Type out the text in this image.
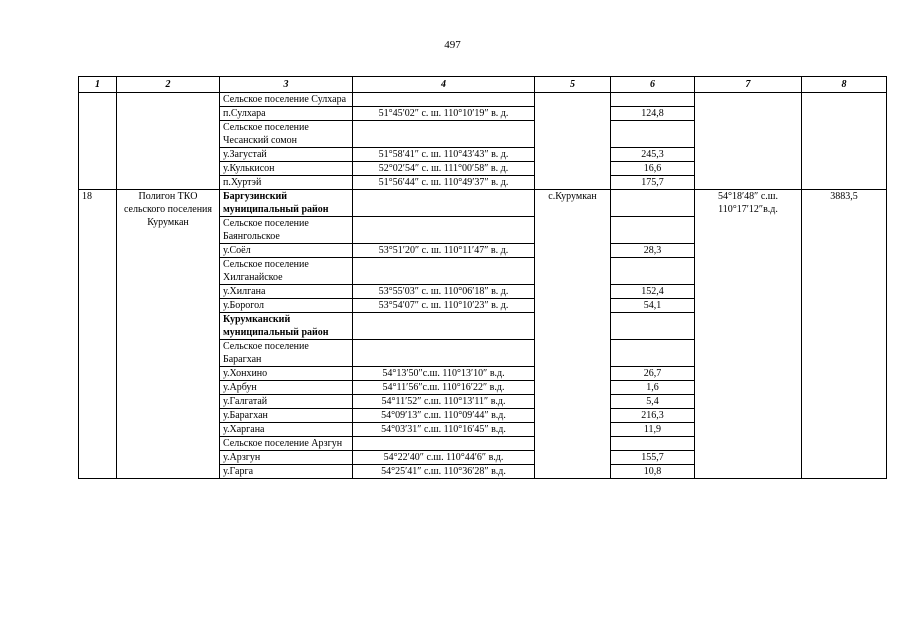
497
1	2	3	4	5	6	7	8
		Сельское поселение Сулхара					
		п.Сулхара	51°45′02″ с. ш. 110°10′19″ в. д.		124,8		
		Сельское поселение Чесанский сомон					
		у.Загустай	51°58′41″ с. ш. 110°43′43″ в. д.		245,3		
		у.Кулькисон	52°02′54″ с. ш. 111°00′58″ в. д.		16,6		
		п.Хуртэй	51°56′44″ с. ш. 110°49′37″ в. д.		175,7		
18	Полигон ТКО сельского поселения Курумкан	Баргузинский муниципальный район		с.Курумкан		54°18′48″ с.ш. 110°17′12″в.д.	3883,5
		Сельское поселение Баянгольское					
		у.Соёл	53°51′20″ с. ш. 110°11′47″ в. д.		28,3		
		Сельское поселение Хилганайское					
		у.Хилгана	53°55′03″ с. ш. 110°06′18″ в. д.		152,4		
		у.Борогол	53°54′07″ с. ш. 110°10′23″ в. д.		54,1		
		Курумканский муниципальный район					
		Сельское поселение Барагхан					
		у.Хонхино	54°13′50″с.ш. 110°13′10″ в.д.		26,7		
		у.Арбун	54°11′56″с.ш. 110°16′22″ в.д.		1,6		
		у.Галгатай	54°11′52″ с.ш. 110°13′11″ в.д.		5,4		
		у.Барагхан	54°09′13″ с.ш. 110°09′44″ в.д.		216,3		
		у.Харгана	54°03′31″ с.ш. 110°16′45″ в.д.		11,9		
		Сельское поселение Арзгун					
		у.Арзгун	54°22′40″ с.ш. 110°44′6″ в.д.		155,7		
		у.Гарга	54°25′41″ с.ш. 110°36′28″ в.д.		10,8		
